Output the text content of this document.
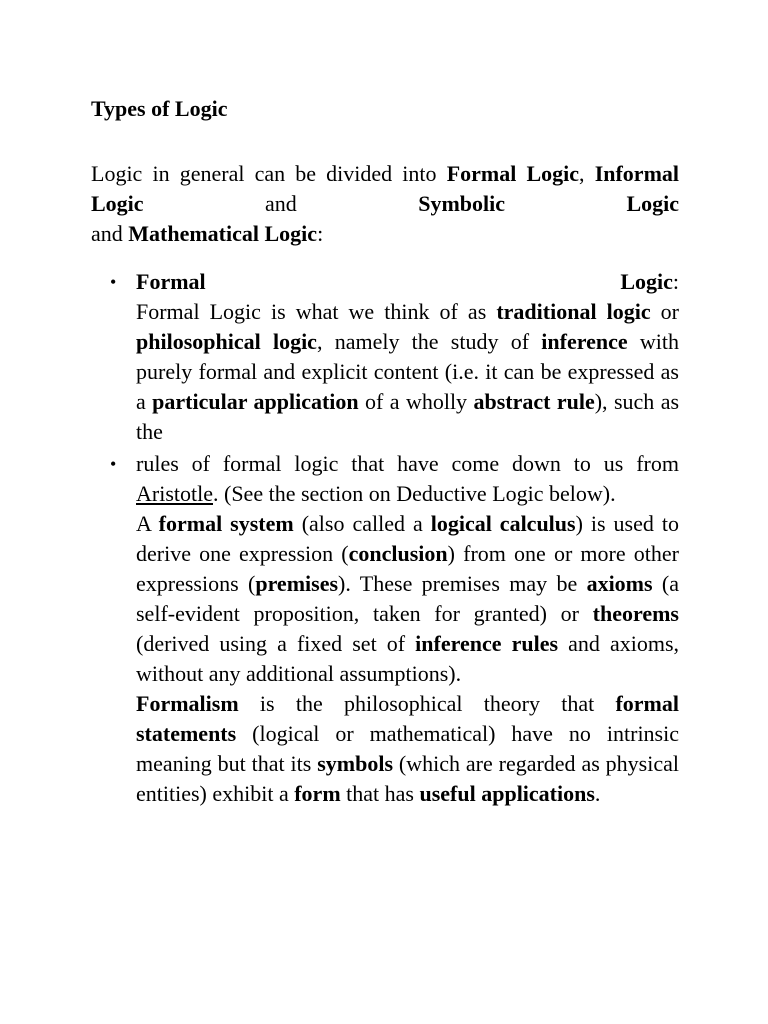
Types of Logic

Logic in general can be divided into Formal Logic, Informal Logic and Symbolic Logic
and Mathematical Logic:

• Formal Logic:

Formal Logic is what we think of as traditional logic or philosophical logic, namely the study of inference with purely formal and explicit content (i.e. it can be expressed as a particular application of a wholly abstract rule), such as the

• rules of formal logic that have come down to us from Aristotle. (See the section on Deductive Logic below).

A formal system (also called a logical calculus) is used to derive one expression (conclusion) from one or more other expressions (premises). These premises may be axioms (a self-evident proposition, taken for granted) or theorems (derived using a fixed set of inference rules and axioms, without any additional assumptions).

Formalism is the philosophical theory that formal statements (logical or mathematical) have no intrinsic meaning but that its symbols (which are regarded as physical entities) exhibit a form that has useful applications.
